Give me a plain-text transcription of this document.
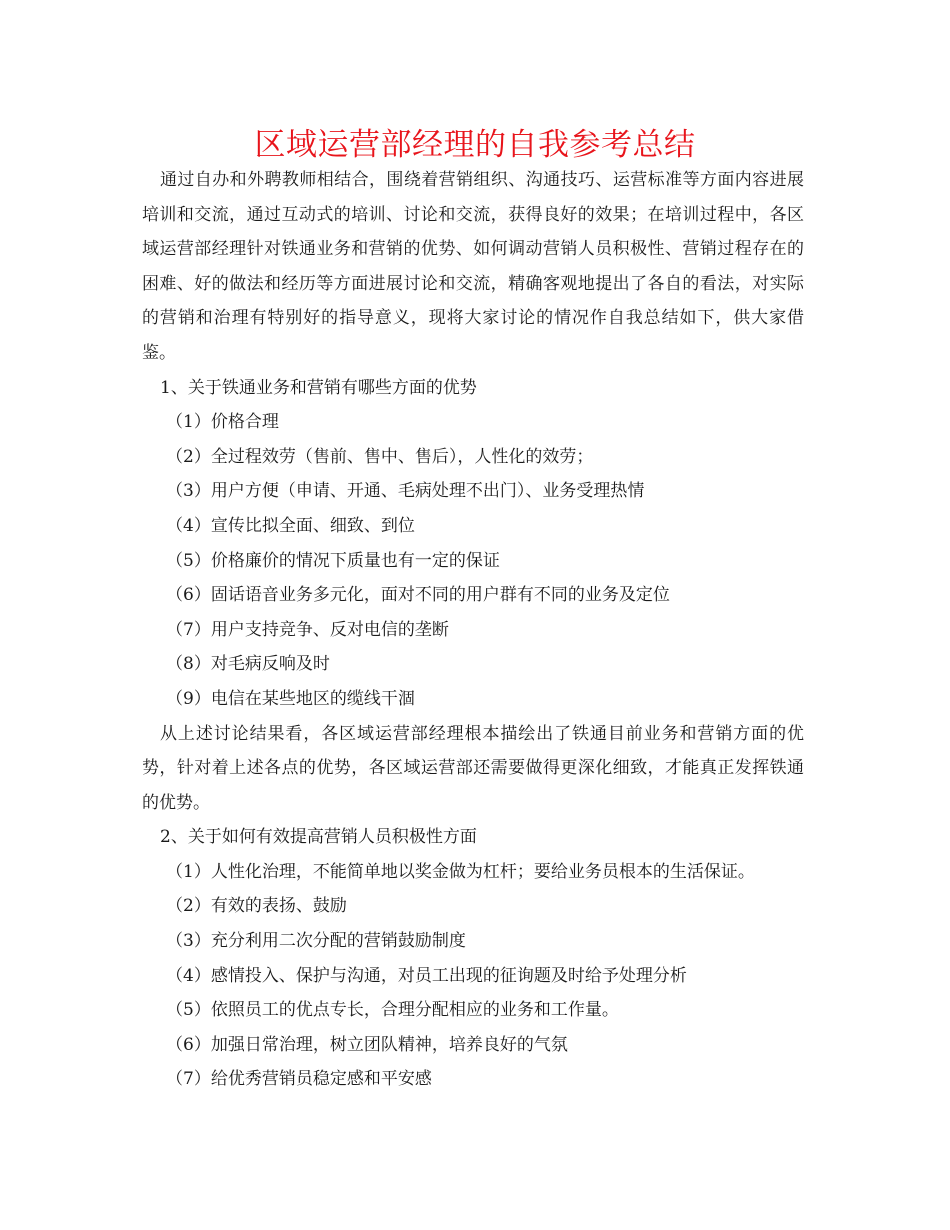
区域运营部经理的自我参考总结

通过自办和外聘教师相结合，围绕着营销组织、沟通技巧、运营标准等方面内容进展培训和交流，通过互动式的培训、讨论和交流，获得良好的效果；在培训过程中，各区域运营部经理针对铁通业务和营销的优势、如何调动营销人员积极性、营销过程存在的困难、好的做法和经历等方面进展讨论和交流，精确客观地提出了各自的看法，对实际的营销和治理有特别好的指导意义，现将大家讨论的情况作自我总结如下，供大家借鉴。

1、关于铁通业务和营销有哪些方面的优势

（1）价格合理

（2）全过程效劳（售前、售中、售后），人性化的效劳；

（3）用户方便（申请、开通、毛病处理不出门）、业务受理热情

（4）宣传比拟全面、细致、到位

（5）价格廉价的情况下质量也有一定的保证

（6）固话语音业务多元化，面对不同的用户群有不同的业务及定位

（7）用户支持竞争、反对电信的垄断

（8）对毛病反响及时

（9）电信在某些地区的缆线干涸

从上述讨论结果看，各区域运营部经理根本描绘出了铁通目前业务和营销方面的优势，针对着上述各点的优势，各区域运营部还需要做得更深化细致，才能真正发挥铁通的优势。

2、关于如何有效提高营销人员积极性方面

（1）人性化治理，不能简单地以奖金做为杠杆；要给业务员根本的生活保证。

（2）有效的表扬、鼓励

（3）充分利用二次分配的营销鼓励制度

（4）感情投入、保护与沟通，对员工出现的征询题及时给予处理分析

（5）依照员工的优点专长，合理分配相应的业务和工作量。

（6）加强日常治理，树立团队精神，培养良好的气氛

（7）给优秀营销员稳定感和平安感
